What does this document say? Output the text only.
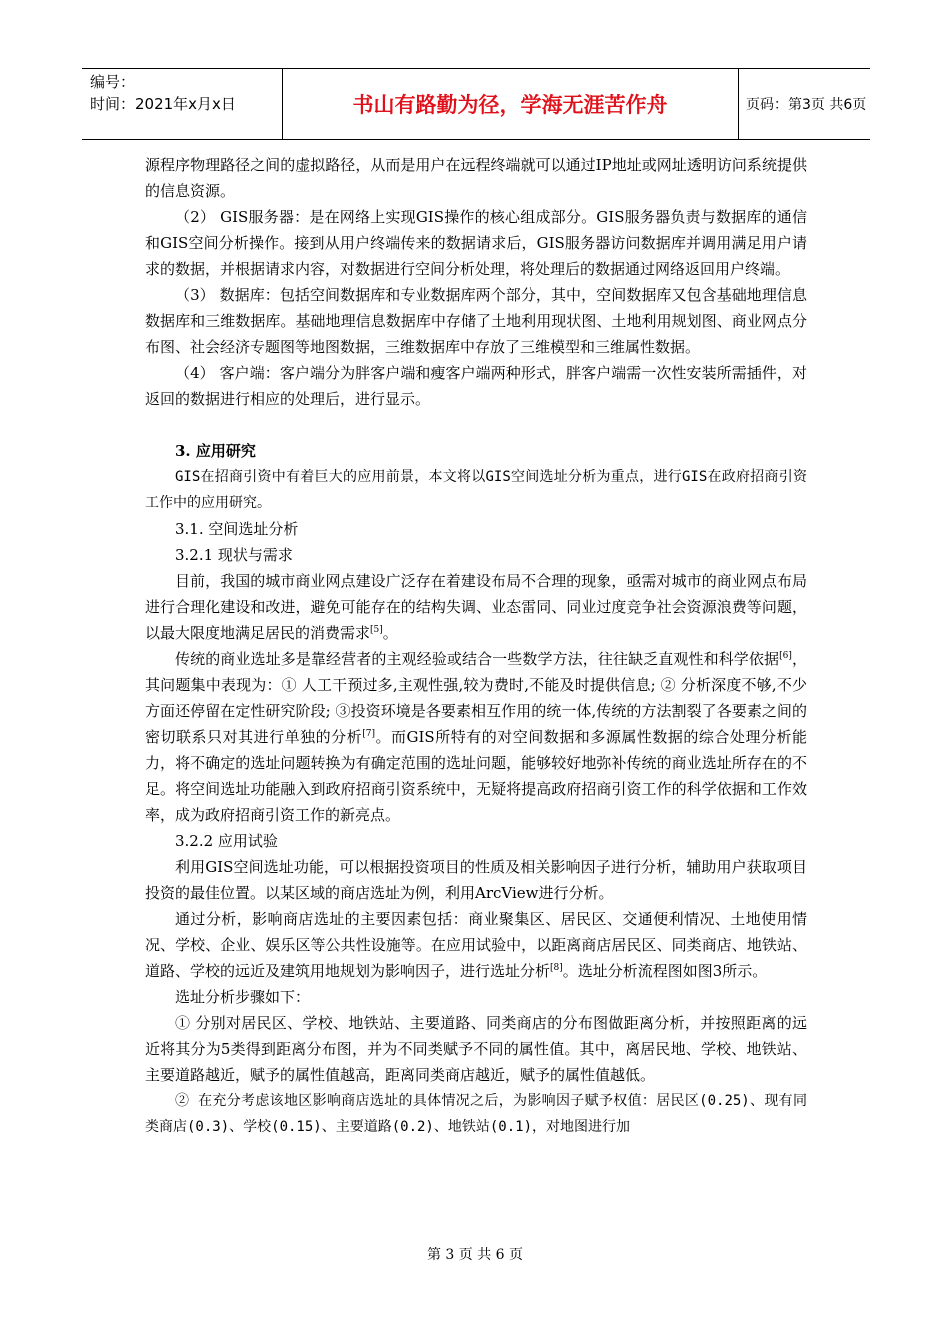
编号：
时间：2021年x月x日	书山有路勤为径，学海无涯苦作舟	页码：第3页 共6页

源程序物理路径之间的虚拟路径，从而是用户在远程终端就可以通过IP地址或网址透明访问系统提供的信息资源。

（2） GIS服务器：是在网络上实现GIS操作的核心组成部分。GIS服务器负责与数据库的通信和GIS空间分析操作。接到从用户终端传来的数据请求后，GIS服务器访问数据库并调用满足用户请求的数据，并根据请求内容，对数据进行空间分析处理，将处理后的数据通过网络返回用户终端。

（3） 数据库：包括空间数据库和专业数据库两个部分，其中，空间数据库又包含基础地理信息数据库和三维数据库。基础地理信息数据库中存储了土地利用现状图、土地利用规划图、商业网点分布图、社会经济专题图等地图数据，三维数据库中存放了三维模型和三维属性数据。

（4） 客户端：客户端分为胖客户端和瘦客户端两种形式，胖客户端需一次性安装所需插件，对返回的数据进行相应的处理后，进行显示。

3. 应用研究

GIS在招商引资中有着巨大的应用前景，本文将以GIS空间选址分析为重点，进行GIS在政府招商引资工作中的应用研究。

3.1. 空间选址分析

3.2.1 现状与需求

目前，我国的城市商业网点建设广泛存在着建设布局不合理的现象，亟需对城市的商业网点布局进行合理化建设和改进，避免可能存在的结构失调、业态雷同、同业过度竞争社会资源浪费等问题，以最大限度地满足居民的消费需求[5]。

传统的商业选址多是靠经营者的主观经验或结合一些数学方法，往往缺乏直观性和科学依据[6]，其问题集中表现为：① 人工干预过多,主观性强,较为费时,不能及时提供信息; ② 分析深度不够,不少方面还停留在定性研究阶段; ③投资环境是各要素相互作用的统一体,传统的方法割裂了各要素之间的密切联系只对其进行单独的分析[7]。而GIS所特有的对空间数据和多源属性数据的综合处理分析能力，将不确定的选址问题转换为有确定范围的选址问题，能够较好地弥补传统的商业选址所存在的不足。将空间选址功能融入到政府招商引资系统中，无疑将提高政府招商引资工作的科学依据和工作效率，成为政府招商引资工作的新亮点。

3.2.2 应用试验

利用GIS空间选址功能，可以根据投资项目的性质及相关影响因子进行分析，辅助用户获取项目投资的最佳位置。以某区域的商店选址为例，利用ArcView进行分析。

通过分析，影响商店选址的主要因素包括：商业聚集区、居民区、交通便利情况、土地使用情况、学校、企业、娱乐区等公共性设施等。在应用试验中，以距离商店居民区、同类商店、地铁站、道路、学校的远近及建筑用地规划为影响因子，进行选址分析[8]。选址分析流程图如图3所示。

选址分析步骤如下：

① 分别对居民区、学校、地铁站、主要道路、同类商店的分布图做距离分析，并按照距离的远近将其分为5类得到距离分布图，并为不同类赋予不同的属性值。其中，离居民地、学校、地铁站、主要道路越近，赋予的属性值越高，距离同类商店越近，赋予的属性值越低。

② 在充分考虑该地区影响商店选址的具体情况之后，为影响因子赋予权值：居民区(0.25)、现有同类商店(0.3)、学校(0.15)、主要道路(0.2)、地铁站(0.1)，对地图进行加

第 3 页 共 6 页
